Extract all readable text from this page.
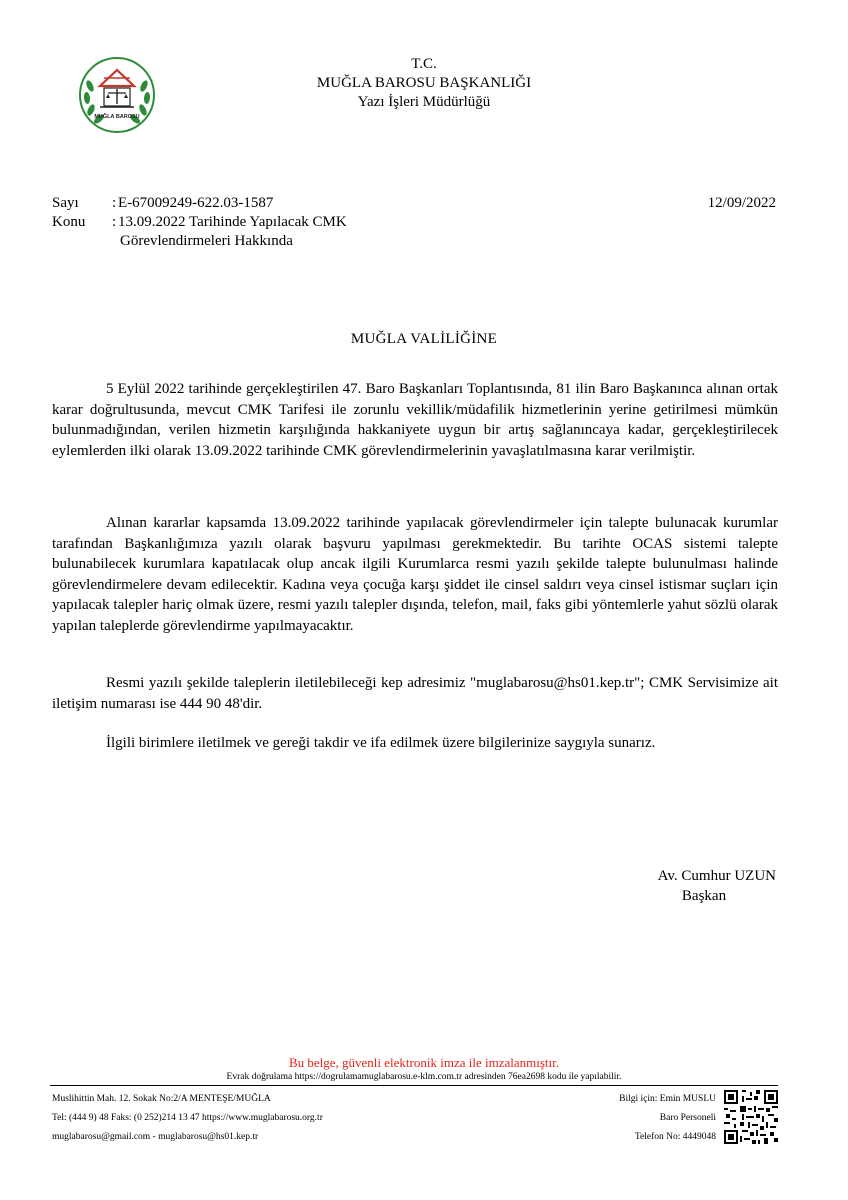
MUĞLA BAROSU
T.C.
MUĞLA BAROSU BAŞKANLIĞI
Yazı İşleri Müdürlüğü
Sayı	: E-67009249-622.03-1587	12/09/2022
Konu	: 13.09.2022 Tarihinde Yapılacak CMK
Görevlendirmeleri Hakkında
MUĞLA VALİLİĞİNE
5 Eylül 2022 tarihinde gerçekleştirilen 47. Baro Başkanları Toplantısında, 81 ilin Baro Başkanınca alınan ortak karar doğrultusunda, mevcut CMK Tarifesi ile zorunlu vekillik/müdafilik hizmetlerinin yerine getirilmesi mümkün bulunmadığından, verilen hizmetin karşılığında hakkaniyete uygun bir artış sağlanıncaya kadar, gerçekleştirilecek eylemlerden ilki olarak 13.09.2022 tarihinde CMK görevlendirmelerinin yavaşlatılmasına karar verilmiştir.
Alınan kararlar kapsamda 13.09.2022 tarihinde yapılacak görevlendirmeler için talepte bulunacak kurumlar tarafından Başkanlığımıza yazılı olarak başvuru yapılması gerekmektedir. Bu tarihte OCAS sistemi talepte bulunabilecek kurumlara kapatılacak olup ancak ilgili Kurumlarca resmi yazılı şekilde talepte bulunulması halinde görevlendirmelere devam edilecektir. Kadına veya çocuğa karşı şiddet ile cinsel saldırı veya cinsel istismar suçları için yapılacak talepler hariç olmak üzere, resmi yazılı talepler dışında, telefon, mail, faks gibi yöntemlerle yahut sözlü olarak yapılan taleplerde görevlendirme yapılmayacaktır.
Resmi yazılı şekilde taleplerin iletilebileceği kep adresimiz "muglabarosu@hs01.kep.tr"; CMK Servisimize ait iletişim numarası ise 444 90 48'dir.
İlgili birimlere iletilmek ve gereği takdir ve ifa edilmek üzere bilgilerinize saygıyla sunarız.
Av. Cumhur UZUN
Başkan
Bu belge, güvenli elektronik imza ile imzalanmıştır.
Evrak doğrulama https://dogrulamamuglabarosu.e-klm.com.tr adresinden 76ea2698 kodu ile yapılabilir.
Muslihittin Mah. 12. Sokak No:2/A MENTEŞE/MUĞLA
Tel: (444 9) 48 Faks: (0 252)214 13 47 https://www.muglabarosu.org.tr
muglabarosu@gmail.com - muglabarosu@hs01.kep.tr
Bilgi için: Emin MUSLU
Baro Personeli
Telefon No: 4449048
